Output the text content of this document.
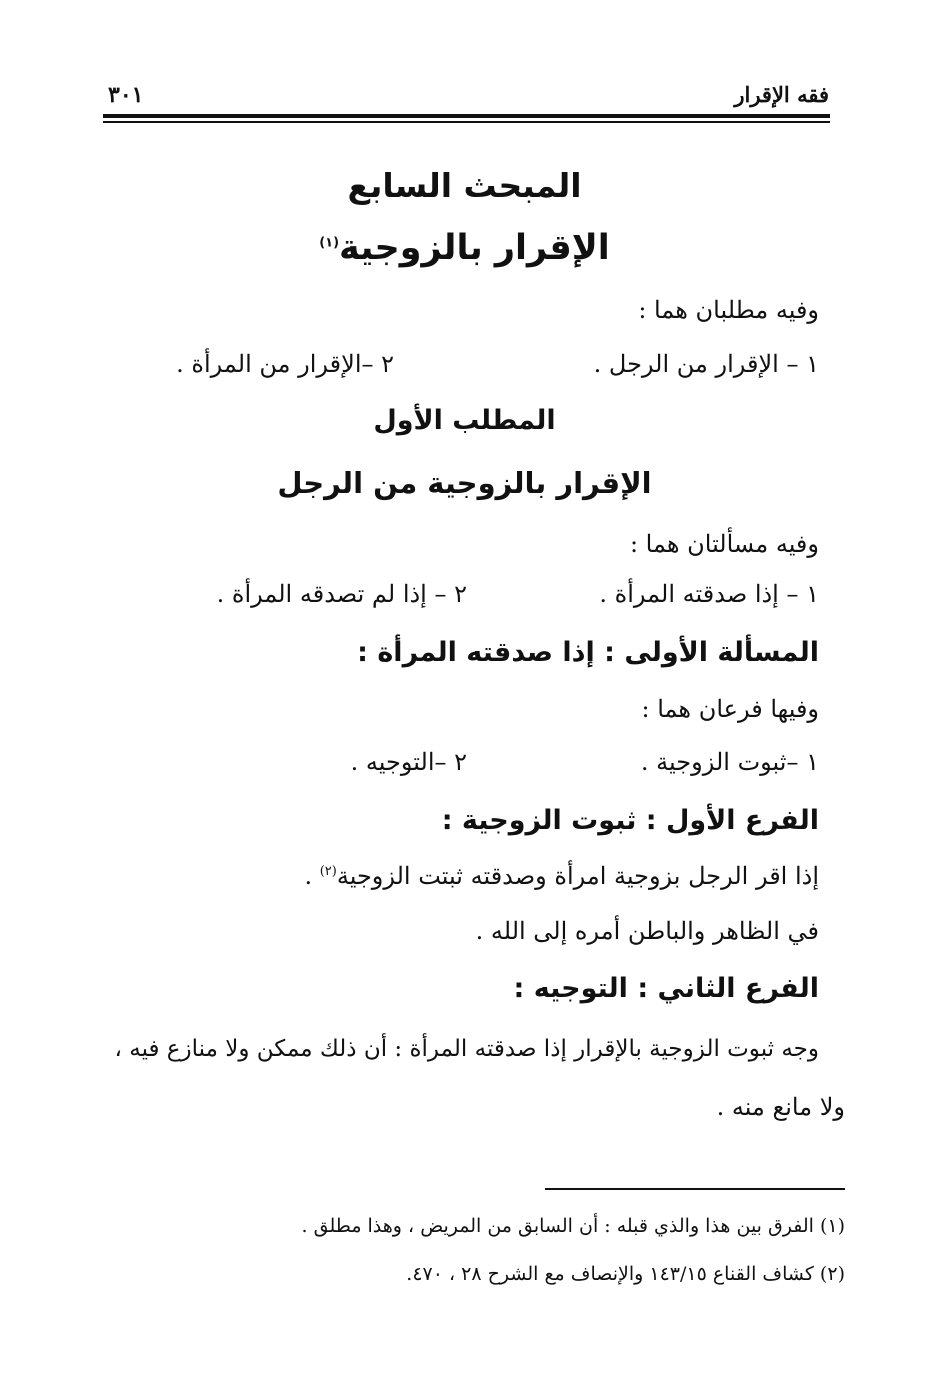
فقه الإقرار
٣٠١
المبحث السابع
الإقرار بالزوجية$^{(١)}$
وفيه مطلبان هما :
١ – الإقرار من الرجل .
٢ –الإقرار من المرأة .
المطلب الأول
الإقرار بالزوجية من الرجل
وفيه مسألتان هما :
١ – إذا صدقته المرأة .
٢ – إذا لم تصدقه المرأة .
المسألة الأولى : إذا صدقته المرأة :
وفيها فرعان هما :
١ –ثبوت الزوجية .
٢ –التوجيه .
الفرع الأول : ثبوت الزوجية :
إذا اقر الرجل بزوجية امرأة وصدقته ثبتت الزوجية$^{(٢)}$ .
في الظاهر والباطن أمره إلى الله .
الفرع الثاني : التوجيه :
وجه ثبوت الزوجية بالإقرار إذا صدقته المرأة : أن ذلك ممكن ولا منازع فيه ،
ولا مانع منه .
(١) الفرق بين هذا والذي قبله : أن السابق من المريض ، وهذا مطلق .
(٢) كشاف القناع ١٤٣/١٥ والإنصاف مع الشرح ٢٨ ، ٤٧٠.
